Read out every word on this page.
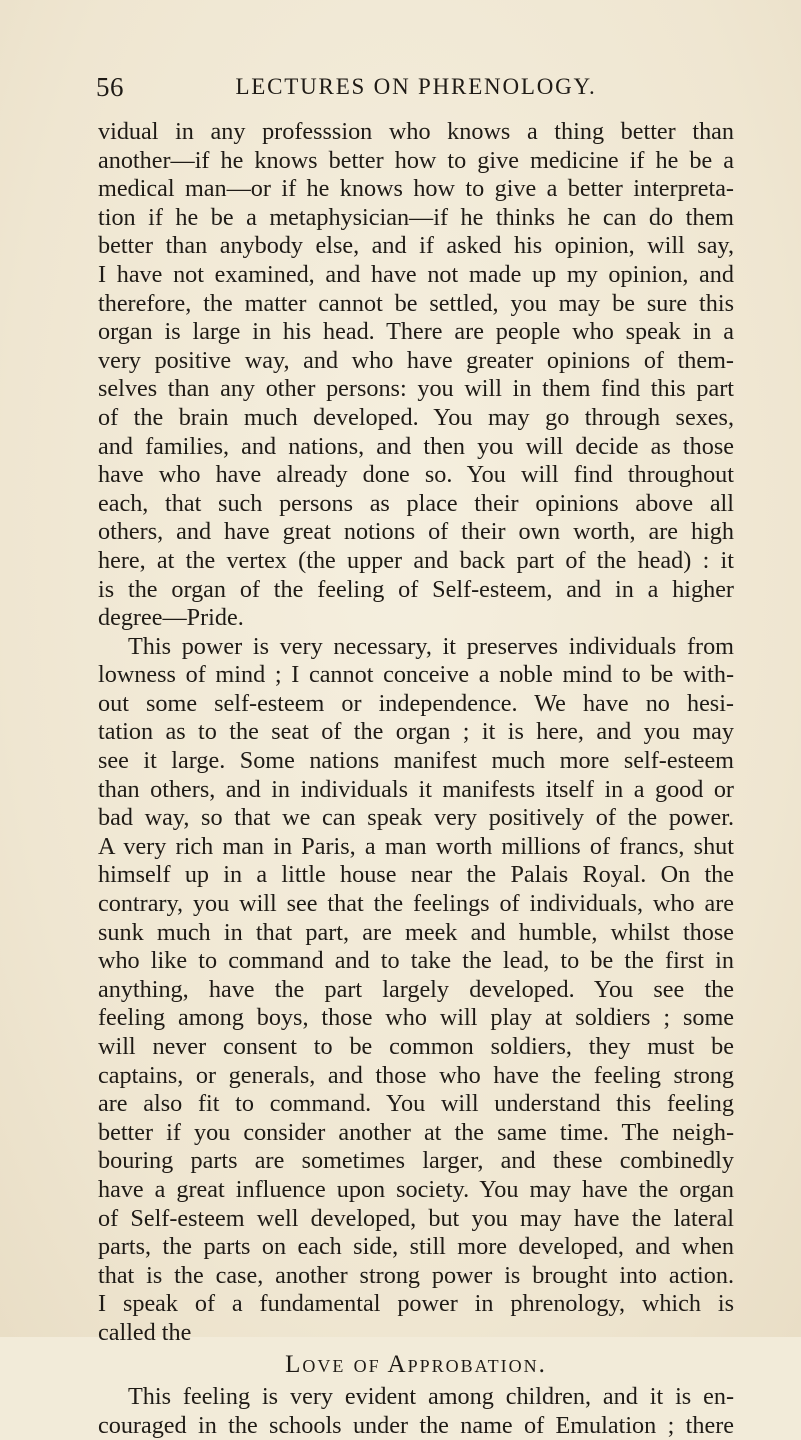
56	LECTURES ON PHRENOLOGY.
vidual in any professsion who knows a thing better than
another—if he knows better how to give medicine if he be a
medical man—or if he knows how to give a better interpreta-
tion if he be a metaphysician—if he thinks he can do them
better than anybody else, and if asked his opinion, will say,
I have not examined, and have not made up my opinion, and
therefore, the matter cannot be settled, you may be sure this
organ is large in his head. There are people who speak in a
very positive way, and who have greater opinions of them-
selves than any other persons: you will in them find this part
of the brain much developed. You may go through sexes,
and families, and nations, and then you will decide as those
have who have already done so. You will find throughout
each, that such persons as place their opinions above all
others, and have great notions of their own worth, are high
here, at the vertex (the upper and back part of the head) : it
is the organ of the feeling of Self-esteem, and in a higher
degree—Pride.
This power is very necessary, it preserves individuals from
lowness of mind ; I cannot conceive a noble mind to be with-
out some self-esteem or independence. We have no hesi-
tation as to the seat of the organ ; it is here, and you may
see it large. Some nations manifest much more self-esteem
than others, and in individuals it manifests itself in a good or
bad way, so that we can speak very positively of the power.
A very rich man in Paris, a man worth millions of francs, shut
himself up in a little house near the Palais Royal. On the
contrary, you will see that the feelings of individuals, who are
sunk much in that part, are meek and humble, whilst those
who like to command and to take the lead, to be the first in
anything, have the part largely developed. You see the
feeling among boys, those who will play at soldiers ; some
will never consent to be common soldiers, they must be
captains, or generals, and those who have the feeling strong
are also fit to command. You will understand this feeling
better if you consider another at the same time. The neigh-
bouring parts are sometimes larger, and these combinedly
have a great influence upon society. You may have the organ
of Self-esteem well developed, but you may have the lateral
parts, the parts on each side, still more developed, and when
that is the case, another strong power is brought into action.
I speak of a fundamental power in phrenology, which is
called the
Love of Approbation.
This feeling is very evident among children, and it is en-
couraged in the schools under the name of Emulation ; there
